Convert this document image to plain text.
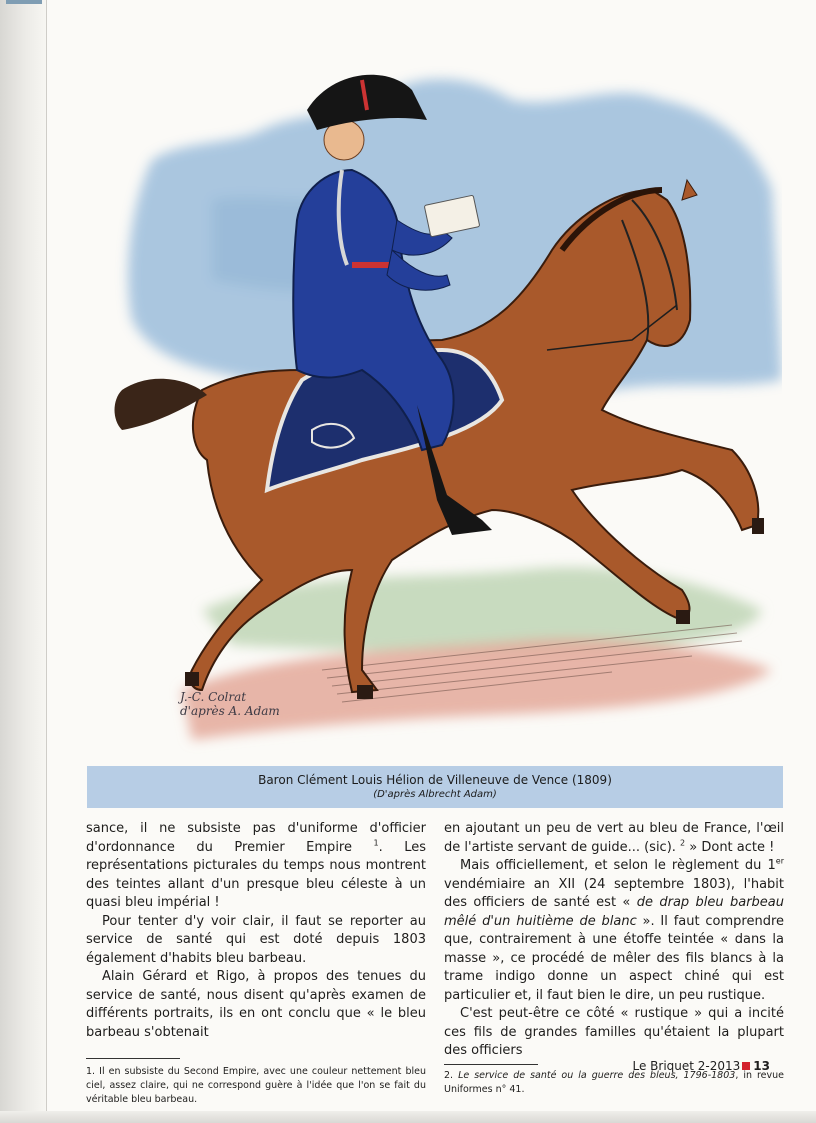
J.-C. Colrat
d'après A. Adam
Baron Clément Louis Hélion de Villeneuve de Vence (1809)
(D'après Albrecht Adam)

sance, il ne subsiste pas d'uniforme d'officier d'ordonnance du Premier Empire $^1$. Les représentations picturales du temps nous montrent des teintes allant d'un presque bleu céleste à un quasi bleu impérial !

Pour tenter d'y voir clair, il faut se reporter au service de santé qui est doté depuis 1803 également d'habits bleu barbeau.

Alain Gérard et Rigo, à propos des tenues du service de santé, nous disent qu'après examen de différents portraits, ils en ont conclu que « le bleu barbeau s'obtenait

1. Il en subsiste du Second Empire, avec une couleur nettement bleu ciel, assez claire, qui ne correspond guère à l'idée que l'on se fait du véritable bleu barbeau.

en ajoutant un peu de vert au bleu de France, l'œil de l'artiste servant de guide... (sic). $^2$ » Dont acte !

Mais officiellement, et selon le règlement du 1er vendémiaire an XII (24 septembre 1803), l'habit des officiers de santé est « de drap bleu barbeau mêlé d'un huitième de blanc ». Il faut comprendre que, contrairement à une étoffe teintée « dans la masse », ce procédé de mêler des fils blancs à la trame indigo donne un aspect chiné qui est particulier et, il faut bien le dire, un peu rustique.

C'est peut-être ce côté « rustique » qui a incité ces fils de grandes familles qu'étaient la plupart des officiers

2. Le service de santé ou la guerre des bleus, 1796-1803, in revue Uniformes n° 41.

Le Briquet 2-2013 13
